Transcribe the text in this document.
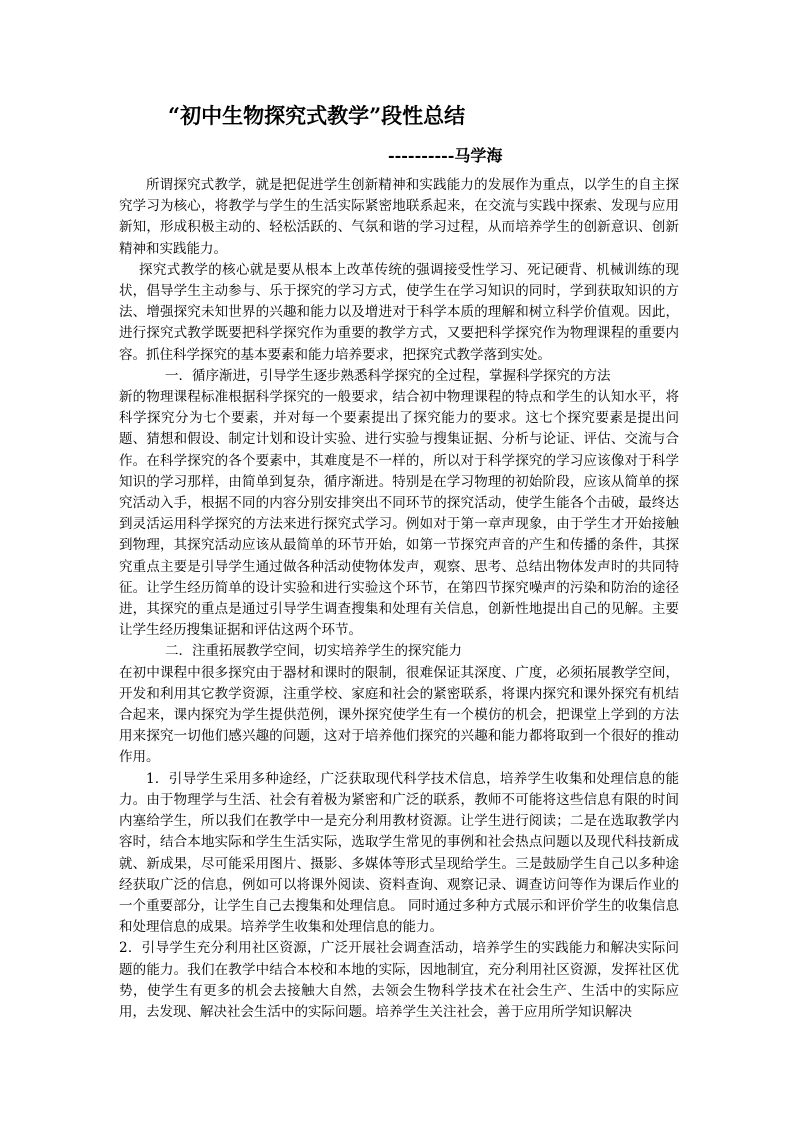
“初中生物探究式教学”段性总结
----------马学海

所谓探究式教学，就是把促进学生创新精神和实践能力的发展作为重点，以学生的自主探究学习为核心，将教学与学生的生活实际紧密地联系起来，在交流与实践中探索、发现与应用新知，形成积极主动的、轻松活跃的、气氛和谐的学习过程，从而培养学生的创新意识、创新精神和实践能力。

探究式教学的核心就是要从根本上改革传统的强调接受性学习、死记硬背、机械训练的现状，倡导学生主动参与、乐于探究的学习方式，使学生在学习知识的同时，学到获取知识的方法、增强探究未知世界的兴趣和能力以及增进对于科学本质的理解和树立科学价值观。因此，进行探究式教学既要把科学探究作为重要的教学方式，又要把科学探究作为物理课程的重要内容。抓住科学探究的基本要素和能力培养要求，把探究式教学落到实处。

一．循序渐进，引导学生逐步熟悉科学探究的全过程，掌握科学探究的方法

新的物理课程标准根据科学探究的一般要求，结合初中物理课程的特点和学生的认知水平，将科学探究分为七个要素，并对每一个要素提出了探究能力的要求。这七个探究要素是提出问题、猜想和假设、制定计划和设计实验、进行实验与搜集证据、分析与论证、评估、交流与合作。在科学探究的各个要素中，其难度是不一样的，所以对于科学探究的学习应该像对于科学知识的学习那样，由简单到复杂，循序渐进。特别是在学习物理的初始阶段，应该从简单的探究活动入手，根据不同的内容分别安排突出不同环节的探究活动，使学生能各个击破，最终达到灵活运用科学探究的方法来进行探究式学习。例如对于第一章声现象，由于学生才开始接触到物理，其探究活动应该从最简单的环节开始，如第一节探究声音的产生和传播的条件，其探究重点主要是引导学生通过做各种活动使物体发声，观察、思考、总结出物体发声时的共同特征。让学生经历简单的设计实验和进行实验这个环节，在第四节探究噪声的污染和防治的途径进，其探究的重点是通过引导学生调查搜集和处理有关信息，创新性地提出自己的见解。主要让学生经历搜集证据和评估这两个环节。

二．注重拓展教学空间，切实培养学生的探究能力

在初中课程中很多探究由于器材和课时的限制，很难保证其深度、广度，必须拓展教学空间，开发和利用其它教学资源，注重学校、家庭和社会的紧密联系，将课内探究和课外探究有机结合起来，课内探究为学生提供范例，课外探究使学生有一个模仿的机会，把课堂上学到的方法用来探究一切他们感兴趣的问题，这对于培养他们探究的兴趣和能力都将取到一个很好的推动作用。

1．引导学生采用多种途经，广泛获取现代科学技术信息，培养学生收集和处理信息的能力。由于物理学与生活、社会有着极为紧密和广泛的联系，教师不可能将这些信息有限的时间内塞给学生，所以我们在教学中一是充分利用教材资源。让学生进行阅读；二是在选取教学内容时，结合本地实际和学生生活实际，选取学生常见的事例和社会热点问题以及现代科技新成就、新成果，尽可能采用图片、摄影、多媒体等形式呈现给学生。三是鼓励学生自己以多种途经获取广泛的信息，例如可以将课外阅读、资料查询、观察记录、调查访问等作为课后作业的一个重要部分，让学生自己去搜集和处理信息。 同时通过多种方式展示和评价学生的收集信息和处理信息的成果。培养学生收集和处理信息的能力。

2．引导学生充分利用社区资源，广泛开展社会调查活动，培养学生的实践能力和解决实际问题的能力。我们在教学中结合本校和本地的实际，因地制宜，充分利用社区资源，发挥社区优势，使学生有更多的机会去接触大自然，去领会生物科学技术在社会生产、生活中的实际应用，去发现、解决社会生活中的实际问题。培养学生关注社会，善于应用所学知识解决
